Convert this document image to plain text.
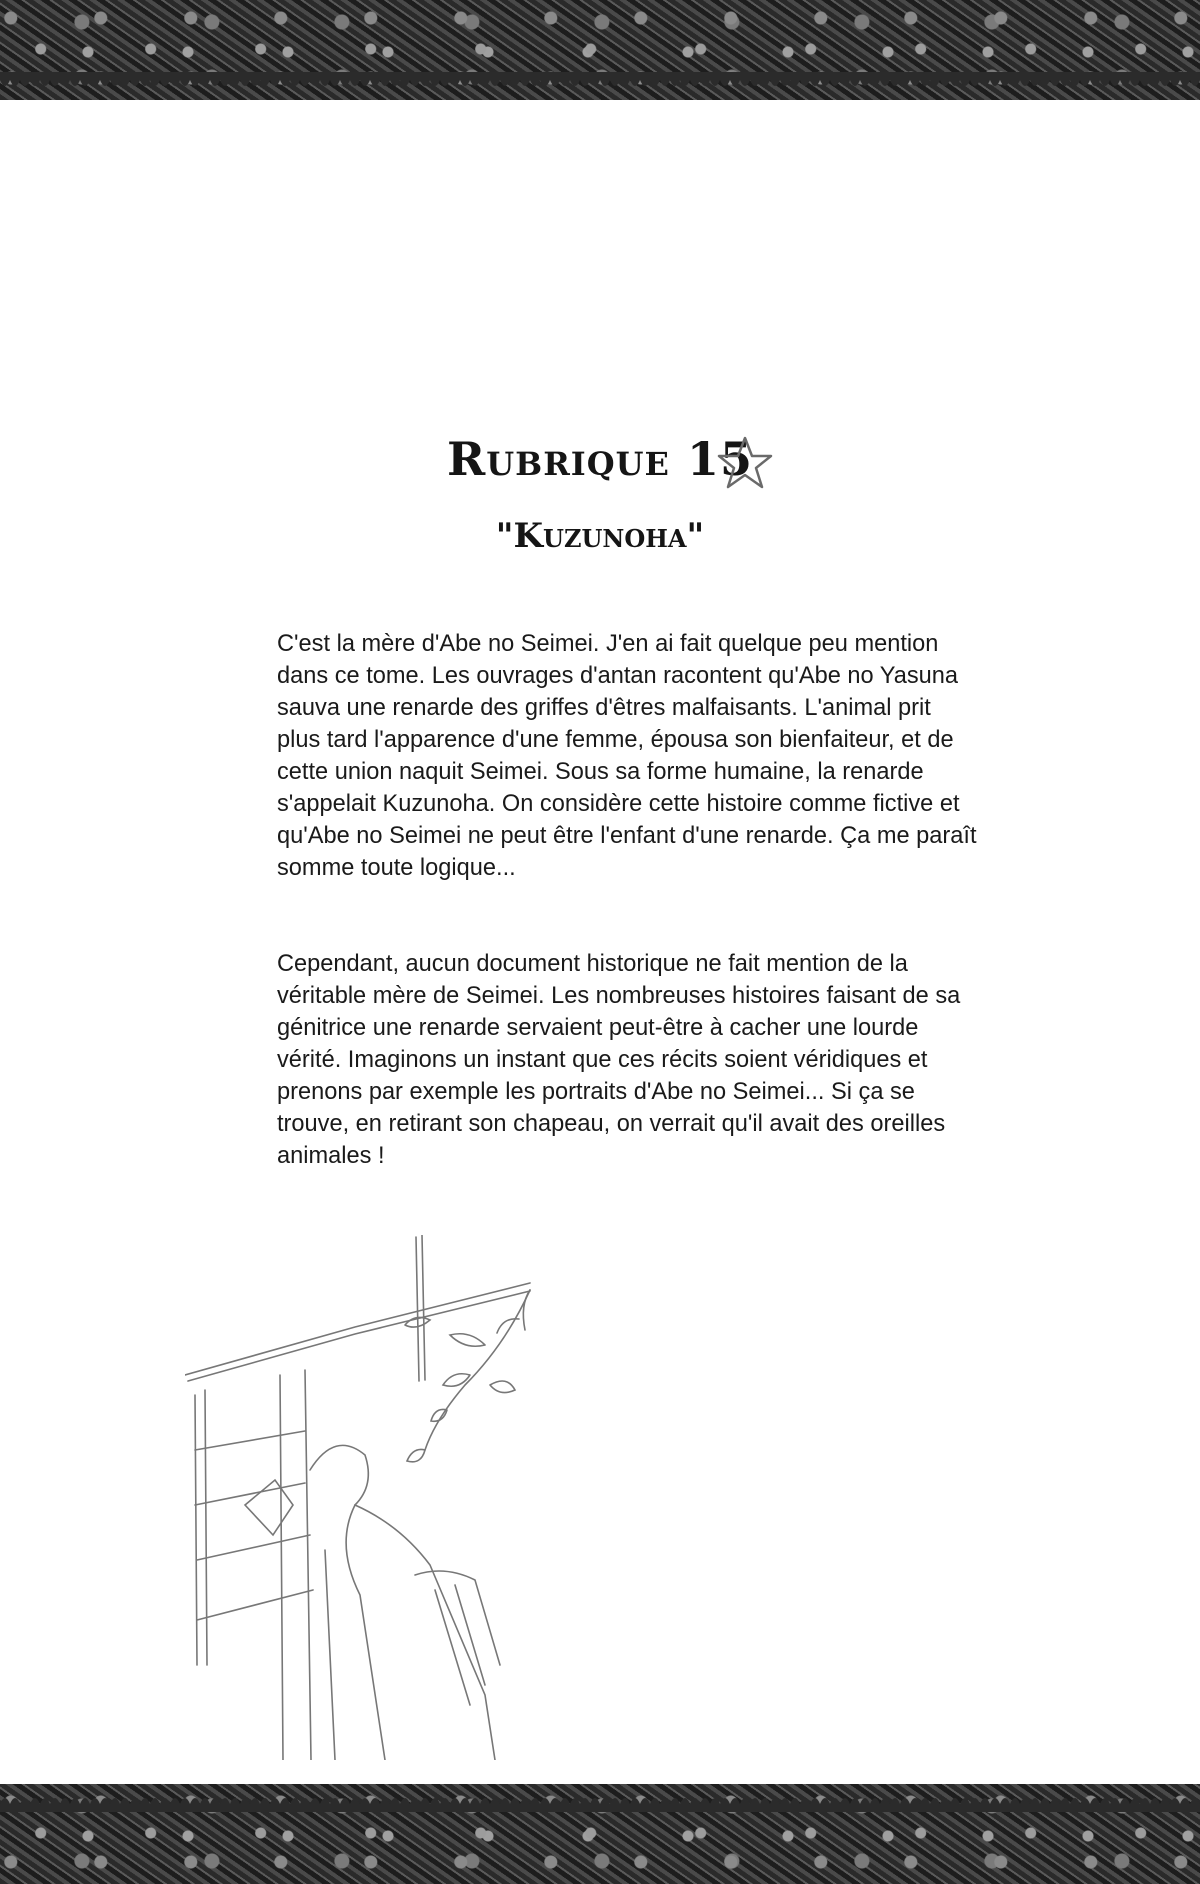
Rubrique 15
"Kuzunoha"
C'est la mère d'Abe no Seimei. J'en ai fait quelque peu mention dans ce tome. Les ouvrages d'antan racontent qu'Abe no Yasuna sauva une renarde des griffes d'êtres malfaisants. L'animal prit plus tard l'apparence d'une femme, épousa son bienfaiteur, et de cette union naquit Seimei. Sous sa forme humaine, la renarde s'appelait Kuzunoha. On considère cette histoire comme fictive et qu'Abe no Seimei ne peut être l'enfant d'une renarde. Ça me paraît somme toute logique...
Cependant, aucun document historique ne fait mention de la véritable mère de Seimei. Les nombreuses histoires faisant de sa génitrice une renarde servaient peut-être à cacher une lourde vérité. Imaginons un instant que ces récits soient véridiques et prenons par exemple les portraits d'Abe no Seimei... Si ça se trouve, en retirant son chapeau, on verrait qu'il avait des oreilles animales !
